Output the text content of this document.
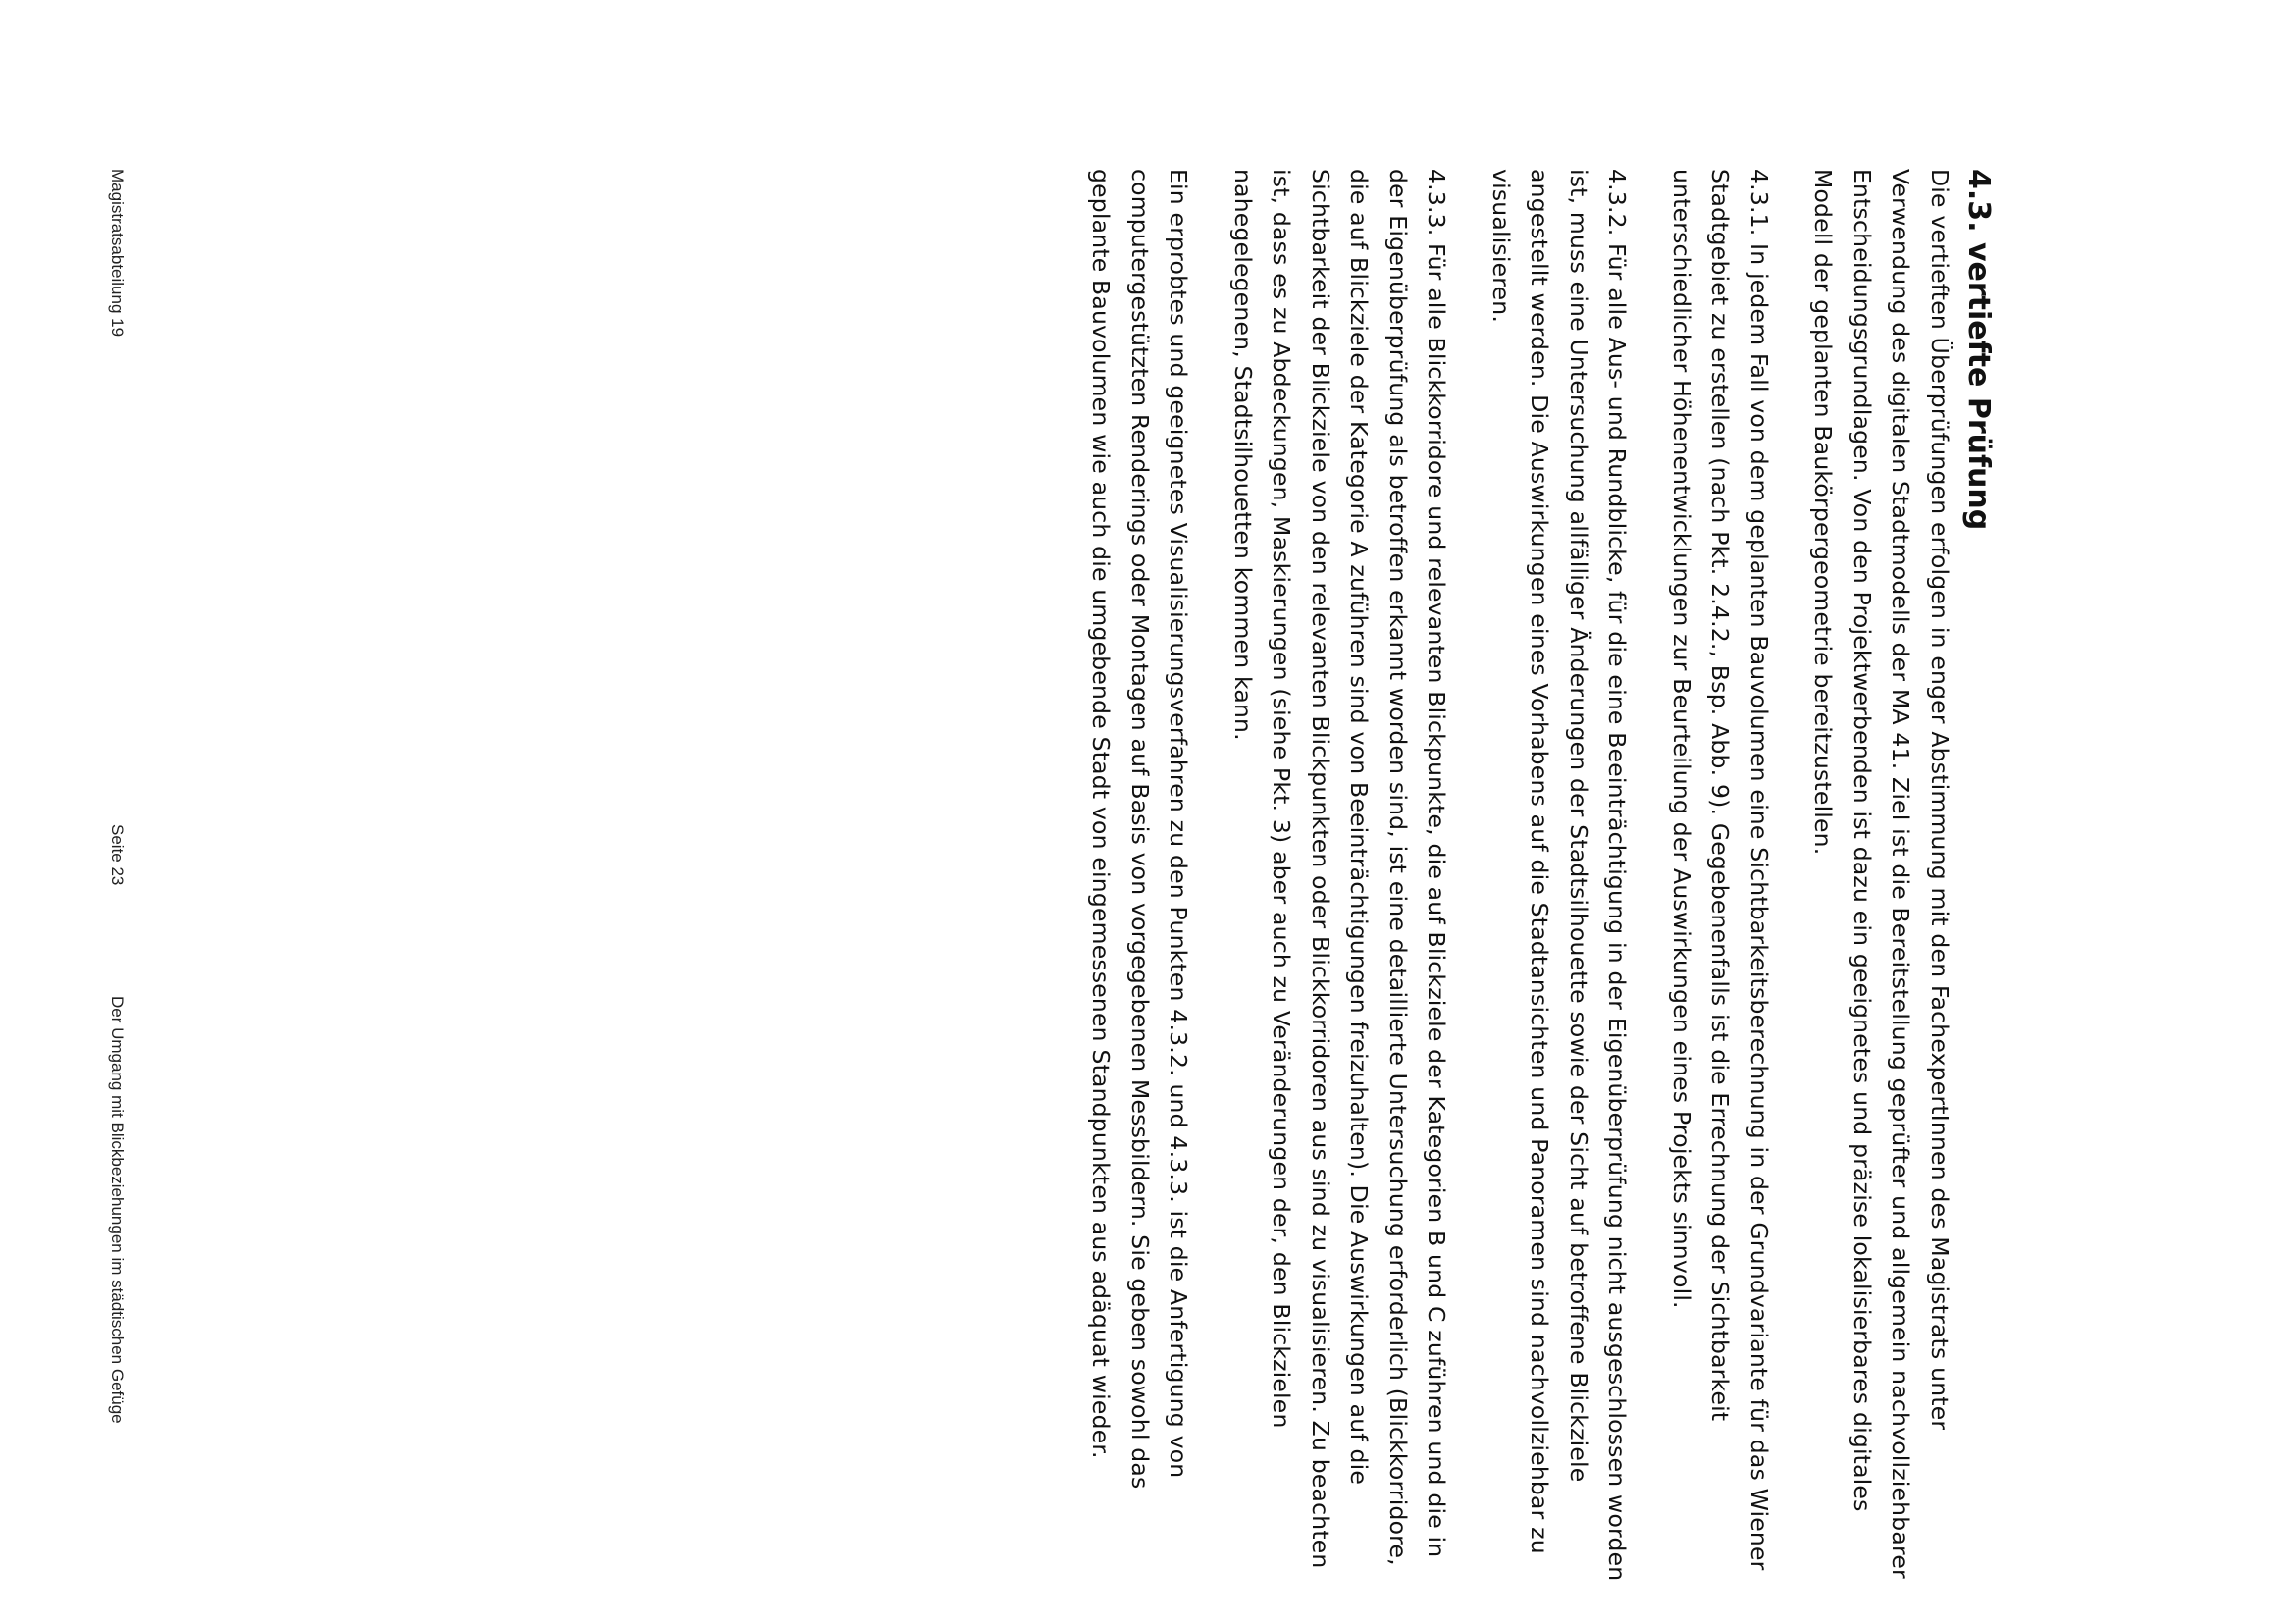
4.3. vertiefte Prüfung

Die vertieften Überprüfungen erfolgen in enger Abstimmung mit den FachexpertInnen des Magistrats unter Verwendung des digitalen Stadtmodells der MA 41. Ziel ist die Bereitstellung geprüfter und allgemein nachvollziehbarer Entscheidungsgrundlagen. Von den Projektwerbenden ist dazu ein geeignetes und präzise lokalisierbares digitales Modell der geplanten Baukörpergeometrie bereitzustellen.

4.3.1. In jedem Fall von dem geplanten Bauvolumen eine Sichtbarkeitsberechnung in der Grundvariante für das Wiener Stadtgebiet zu erstellen (nach Pkt. 2.4.2., Bsp. Abb. 9). Gegebenenfalls ist die Errechnung der Sichtbarkeit unterschiedlicher Höhenentwicklungen zur Beurteilung der Auswirkungen eines Projekts sinnvoll.

4.3.2. Für alle Aus- und Rundblicke, für die eine Beeinträchtigung in der Eigenüberprüfung nicht ausgeschlossen worden ist, muss eine Untersuchung allfälliger Änderungen der Stadtsilhouette sowie der Sicht auf betroffene Blickziele angestellt werden. Die Auswirkungen eines Vorhabens auf die Stadtansichten und Panoramen sind nachvollziehbar zu visualisieren.

4.3.3. Für alle Blickkorridore und relevanten Blickpunkte, die auf Blickziele der Kategorien B und C zuführen und die in der Eigenüberprüfung als betroffen erkannt worden sind, ist eine detaillierte Untersuchung erforderlich (Blickkorridore, die auf Blickziele der Kategorie A zuführen sind von Beeinträchtigungen freizuhalten). Die Auswirkungen auf die Sichtbarkeit der Blickziele von den relevanten Blickpunkten oder Blickkorridoren aus sind zu visualisieren. Zu beachten ist, dass es zu Abdeckungen, Maskierungen (siehe Pkt. 3) aber auch zu Veränderungen der, den Blickzielen nahegelegenen, Stadtsilhouetten kommen kann.

Ein erprobtes und geeignetes Visualisierungsverfahren zu den Punkten 4.3.2. und 4.3.3. ist die Anfertigung von computergestützten Renderings oder Montagen auf Basis von vorgegebenen Messbildern. Sie geben sowohl das geplante Bauvolumen wie auch die umgebende Stadt von eingemessenen Standpunkten aus adäquat wieder.

Magistratsabteilung 19
Seite 23
Der Umgang mit Blickbeziehungen im städtischen Gefüge
